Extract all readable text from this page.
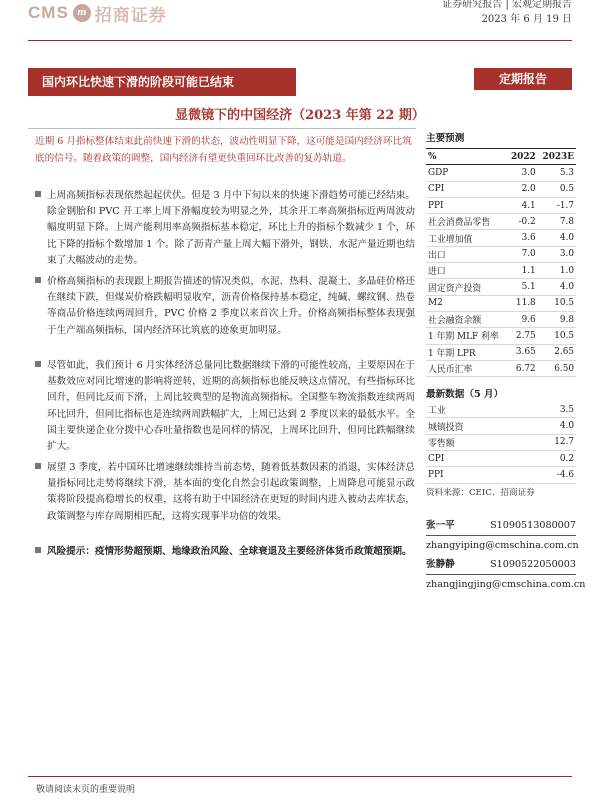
CMS m 招商证券
证券研究报告 | 宏观定期报告
2023 年 6 月 19 日
国内环比快速下滑的阶段可能已结束	定期报告
显微镜下的中国经济（2023 年第 22 期）
近期 6 月指标整体结束此前快速下滑的状态，波动性明显下降，这可能是国内经济环比筑底的信号。随着政策的调整，国内经济有望更快重回环比改善的复苏轨道。

上周高频指标表现依然起起伏伏。但是 3 月中下旬以来的快速下滑趋势可能已经结束。除金钢胎和 PVC 开工率上周下滑幅度较为明显之外，其余开工率高频指标近两周波动幅度明显下降。上周产能利用率高频指标基本稳定，环比上升的指标个数减少 1 个，环比下降的指标个数增加 1 个。除了沥青产量上周大幅下滑外，钢铁、水泥产量近期也结束了大幅波动的走势。

价格高频指标的表现跟上期报告描述的情况类似，水泥、热料、混凝土、多晶硅价格还在继续下跌，但煤炭价格跌幅明显收窄，沥青价格保持基本稳定，纯碱、螺纹钢、热卷等商品价格连续两周回升，PVC 价格 2 季度以来首次上升。价格高频指标整体表现强于生产端高频指标，国内经济环比筑底的迹象更加明显。

尽管如此，我们预计 6 月实体经济总量同比数据继续下滑的可能性较高，主要原因在于基数效应对同比增速的影响将逆转，近期的高频指标也能反映这点情况，有些指标环比回升，但同比反而下滑，上周比较典型的是物流高频指标。全国整车物流指数连续两周环比回升，但同比指标也是连续两周跌幅扩大，上周已达到 2 季度以来的最低水平。全国主要快递企业分拨中心吞吐量指数也是同样的情况，上周环比回升，但同比跌幅继续扩大。

展望 3 季度，若中国环比增速继续维持当前态势，随着低基数因素的消退，实体经济总量指标同比走势将继续下滑，基本面的变化自然会引起政策调整，上周降息可能显示政策将阶段提高稳增长的权重，这将有助于中国经济在更短的时间内进入被动去库状态，政策调整与库存周期相匹配，这将实现事半功倍的效果。

风险提示：疫情形势超预期、地缘政治风险、全球衰退及主要经济体货币政策超预期。

主要预测
%	2022	2023E
GDP	3.0	5.3
CPI	2.0	0.5
PPI	4.1	-1.7
社会消费品零售	-0.2	7.8
工业增加值	3.6	4.0
出口	7.0	3.0
进口	1.1	1.0
固定资产投资	5.1	4.0
M2	11.8	10.5
社会融资余额	9.6	9.8
1 年期 MLF 利率	2.75	10.5
1 年期 LPR	3.65	2.65
人民币汇率	6.72	6.50
最新数据（5 月）
工业	3.5
城镇投资	4.0
零售额	12.7
CPI	0.2
PPI	-4.6
资料来源：CEIC、招商证券
张一平	S1090513080007
zhangyiping@cmschina.com.cn
张静静	S1090522050003
zhangjingjing@cmschina.com.cn
敬请阅读末页的重要说明
